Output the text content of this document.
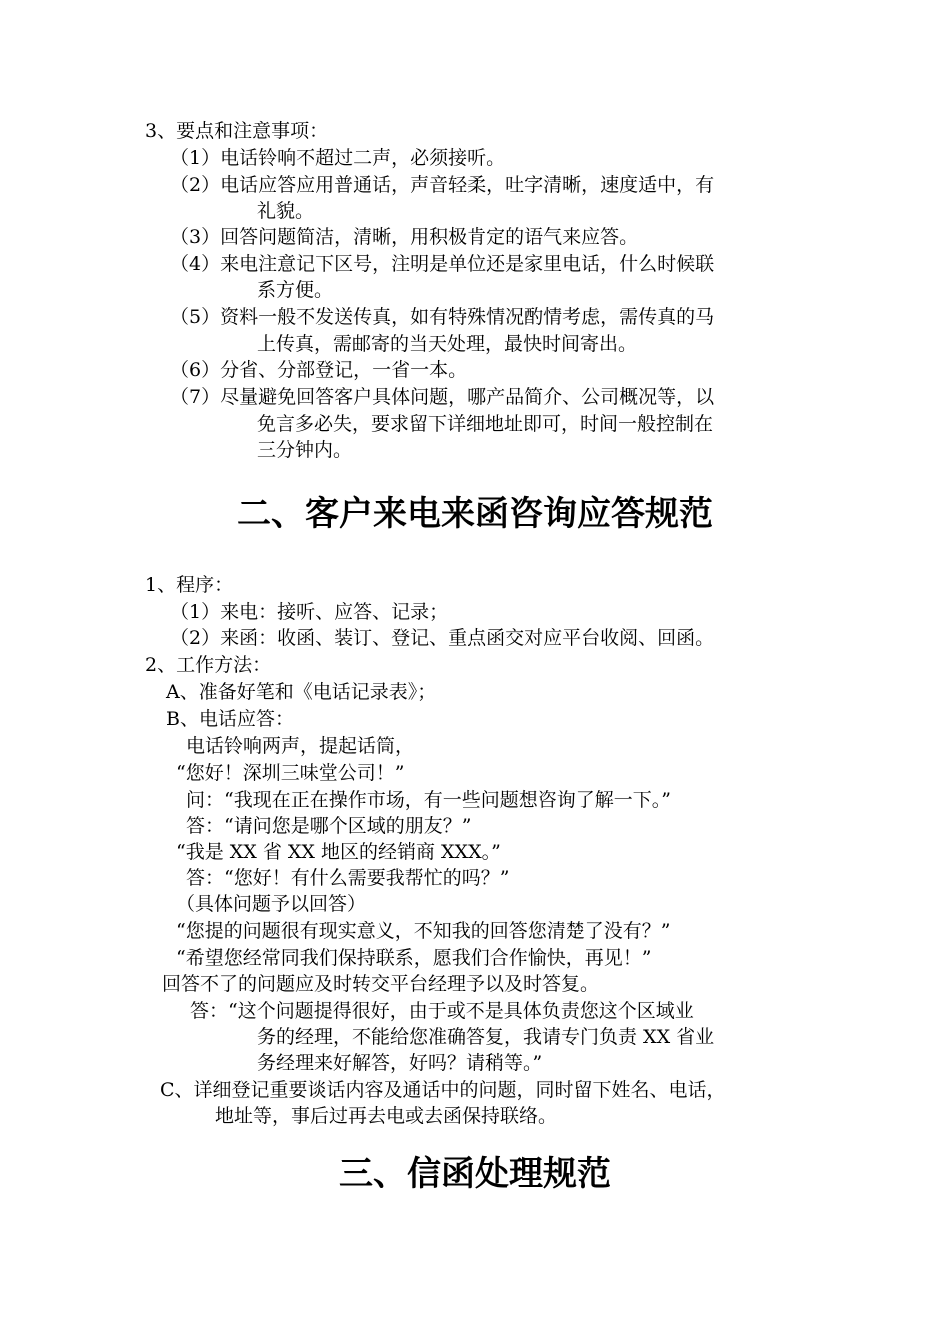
3、要点和注意事项：
（1）电话铃响不超过二声，必须接听。
（2）电话应答应用普通话，声音轻柔，吐字清晰，速度适中，有
礼貌。
（3）回答问题简洁，清晰，用积极肯定的语气来应答。
（4）来电注意记下区号，注明是单位还是家里电话，什么时候联
系方便。
（5）资料一般不发送传真，如有特殊情况酌情考虑，需传真的马
上传真，需邮寄的当天处理，最快时间寄出。
（6）分省、分部登记，一省一本。
（7）尽量避免回答客户具体问题，哪产品简介、公司概况等，以
免言多必失，要求留下详细地址即可，时间一般控制在
三分钟内。
二、客户来电来函咨询应答规范
1、程序：
（1）来电：接听、应答、记录；
（2）来函：收函、装订、登记、重点函交对应平台收阅、回函。
2、工作方法：
A、准备好笔和《电话记录表》；
B、电话应答：
电话铃响两声，提起话筒，
“您好！深圳三味堂公司！”
问：“我现在正在操作市场，有一些问题想咨询了解一下。”
答：“请问您是哪个区域的朋友？”
“我是 XX 省 XX 地区的经销商 XXX。”
答：“您好！有什么需要我帮忙的吗？”
（具体问题予以回答）
“您提的问题很有现实意义，不知我的回答您清楚了没有？”
“希望您经常同我们保持联系，愿我们合作愉快，再见！”
回答不了的问题应及时转交平台经理予以及时答复。
答：“这个问题提得很好，由于或不是具体负责您这个区域业
务的经理，不能给您准确答复，我请专门负责 XX 省业
务经理来好解答，好吗？请稍等。”
C、详细登记重要谈话内容及通话中的问题，同时留下姓名、电话，
地址等，事后过再去电或去函保持联络。
三、信函处理规范
